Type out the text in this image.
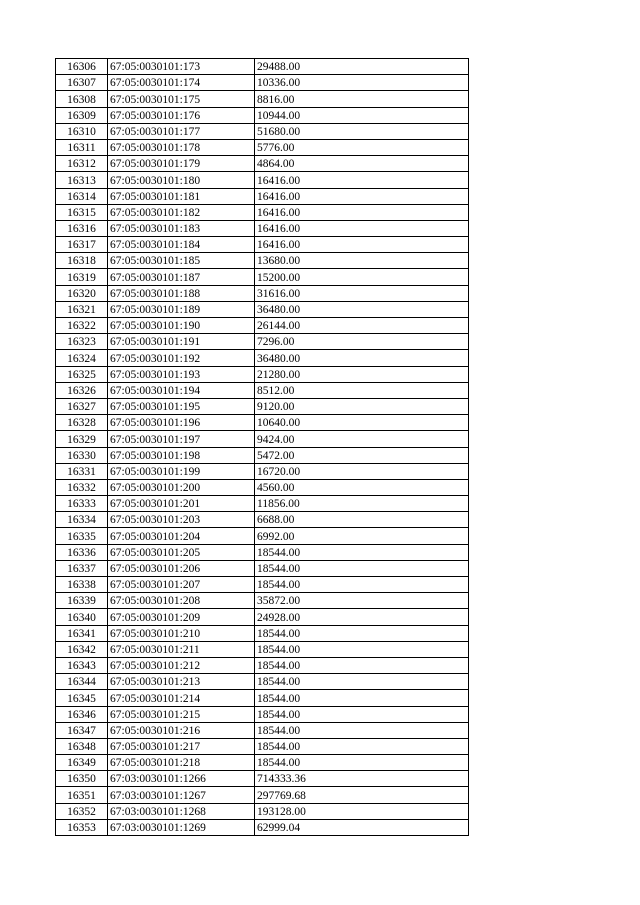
16306	67:05:0030101:173	29488.00
16307	67:05:0030101:174	10336.00
16308	67:05:0030101:175	8816.00
16309	67:05:0030101:176	10944.00
16310	67:05:0030101:177	51680.00
16311	67:05:0030101:178	5776.00
16312	67:05:0030101:179	4864.00
16313	67:05:0030101:180	16416.00
16314	67:05:0030101:181	16416.00
16315	67:05:0030101:182	16416.00
16316	67:05:0030101:183	16416.00
16317	67:05:0030101:184	16416.00
16318	67:05:0030101:185	13680.00
16319	67:05:0030101:187	15200.00
16320	67:05:0030101:188	31616.00
16321	67:05:0030101:189	36480.00
16322	67:05:0030101:190	26144.00
16323	67:05:0030101:191	7296.00
16324	67:05:0030101:192	36480.00
16325	67:05:0030101:193	21280.00
16326	67:05:0030101:194	8512.00
16327	67:05:0030101:195	9120.00
16328	67:05:0030101:196	10640.00
16329	67:05:0030101:197	9424.00
16330	67:05:0030101:198	5472.00
16331	67:05:0030101:199	16720.00
16332	67:05:0030101:200	4560.00
16333	67:05:0030101:201	11856.00
16334	67:05:0030101:203	6688.00
16335	67:05:0030101:204	6992.00
16336	67:05:0030101:205	18544.00
16337	67:05:0030101:206	18544.00
16338	67:05:0030101:207	18544.00
16339	67:05:0030101:208	35872.00
16340	67:05:0030101:209	24928.00
16341	67:05:0030101:210	18544.00
16342	67:05:0030101:211	18544.00
16343	67:05:0030101:212	18544.00
16344	67:05:0030101:213	18544.00
16345	67:05:0030101:214	18544.00
16346	67:05:0030101:215	18544.00
16347	67:05:0030101:216	18544.00
16348	67:05:0030101:217	18544.00
16349	67:05:0030101:218	18544.00
16350	67:03:0030101:1266	714333.36
16351	67:03:0030101:1267	297769.68
16352	67:03:0030101:1268	193128.00
16353	67:03:0030101:1269	62999.04
